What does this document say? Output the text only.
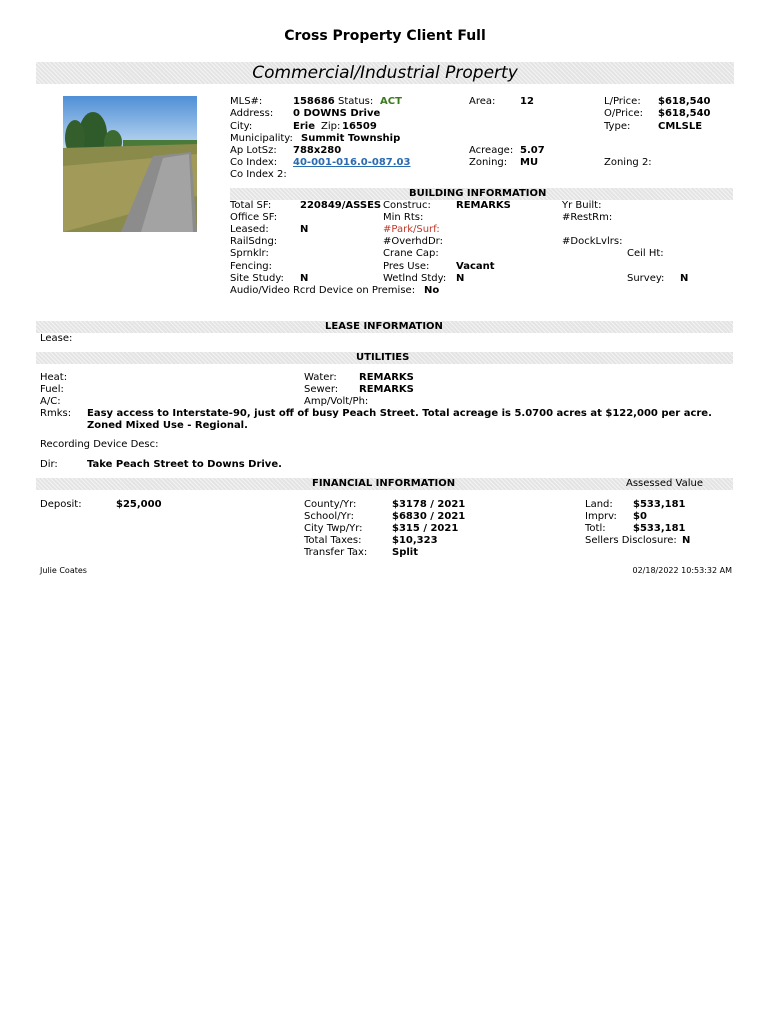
Cross Property Client Full
Commercial/Industrial Property
MLS#:	158686 Status: ACT
Address: 0 DOWNS Drive
City:	Erie Zip: 16509
Municipality: Summit Township
Ap LotSz: 788x280
Co Index: 40-001-016.0-087.03
Co Index 2:
Area: 12
Acreage: 5.07
Zoning: MU
L/Price: $618,540
O/Price: $618,540
Type:	CMLSLE
Zoning 2:
BUILDING INFORMATION
Total SF:	220849/ASSES Construc:	REMARKS	Yr Built:
Office SF:	Min Rts:	#RestRm:
Leased:	N	#Park/Surf:
RailSdng:	#OverhdDr:	#DockLvlrs:
Sprnklr:	Crane Cap:	Ceil Ht:
Fencing:	Pres Use:	Vacant
Site Study: N	Wetlnd Stdy: N	Survey: N
Audio/Video Rcrd Device on Premise: No
LEASE INFORMATION
Lease:
UTILITIES
Heat:
Fuel:
A/C:
Water: REMARKS
Sewer: REMARKS
Amp/Volt/Ph:
Rmks: Easy access to Interstate-90, just off of busy Peach Street. Total acreage is 5.0700 acres at $122,000 per acre.
Zoned Mixed Use - Regional.
Recording Device Desc:
Dir:	Take Peach Street to Downs Drive.
FINANCIAL INFORMATION	Assessed Value
Deposit:	$25,000	County/Yr:	$3178 / 2021
School/Yr:	$6830 / 2021
City Twp/Yr:	$315 / 2021
Total Taxes:	$10,323
Transfer Tax: Split
Land: $533,181
Imprv: $0
Totl:	$533,181
Sellers Disclosure: N
Julie Coates	02/18/2022 10:53:32 AM
